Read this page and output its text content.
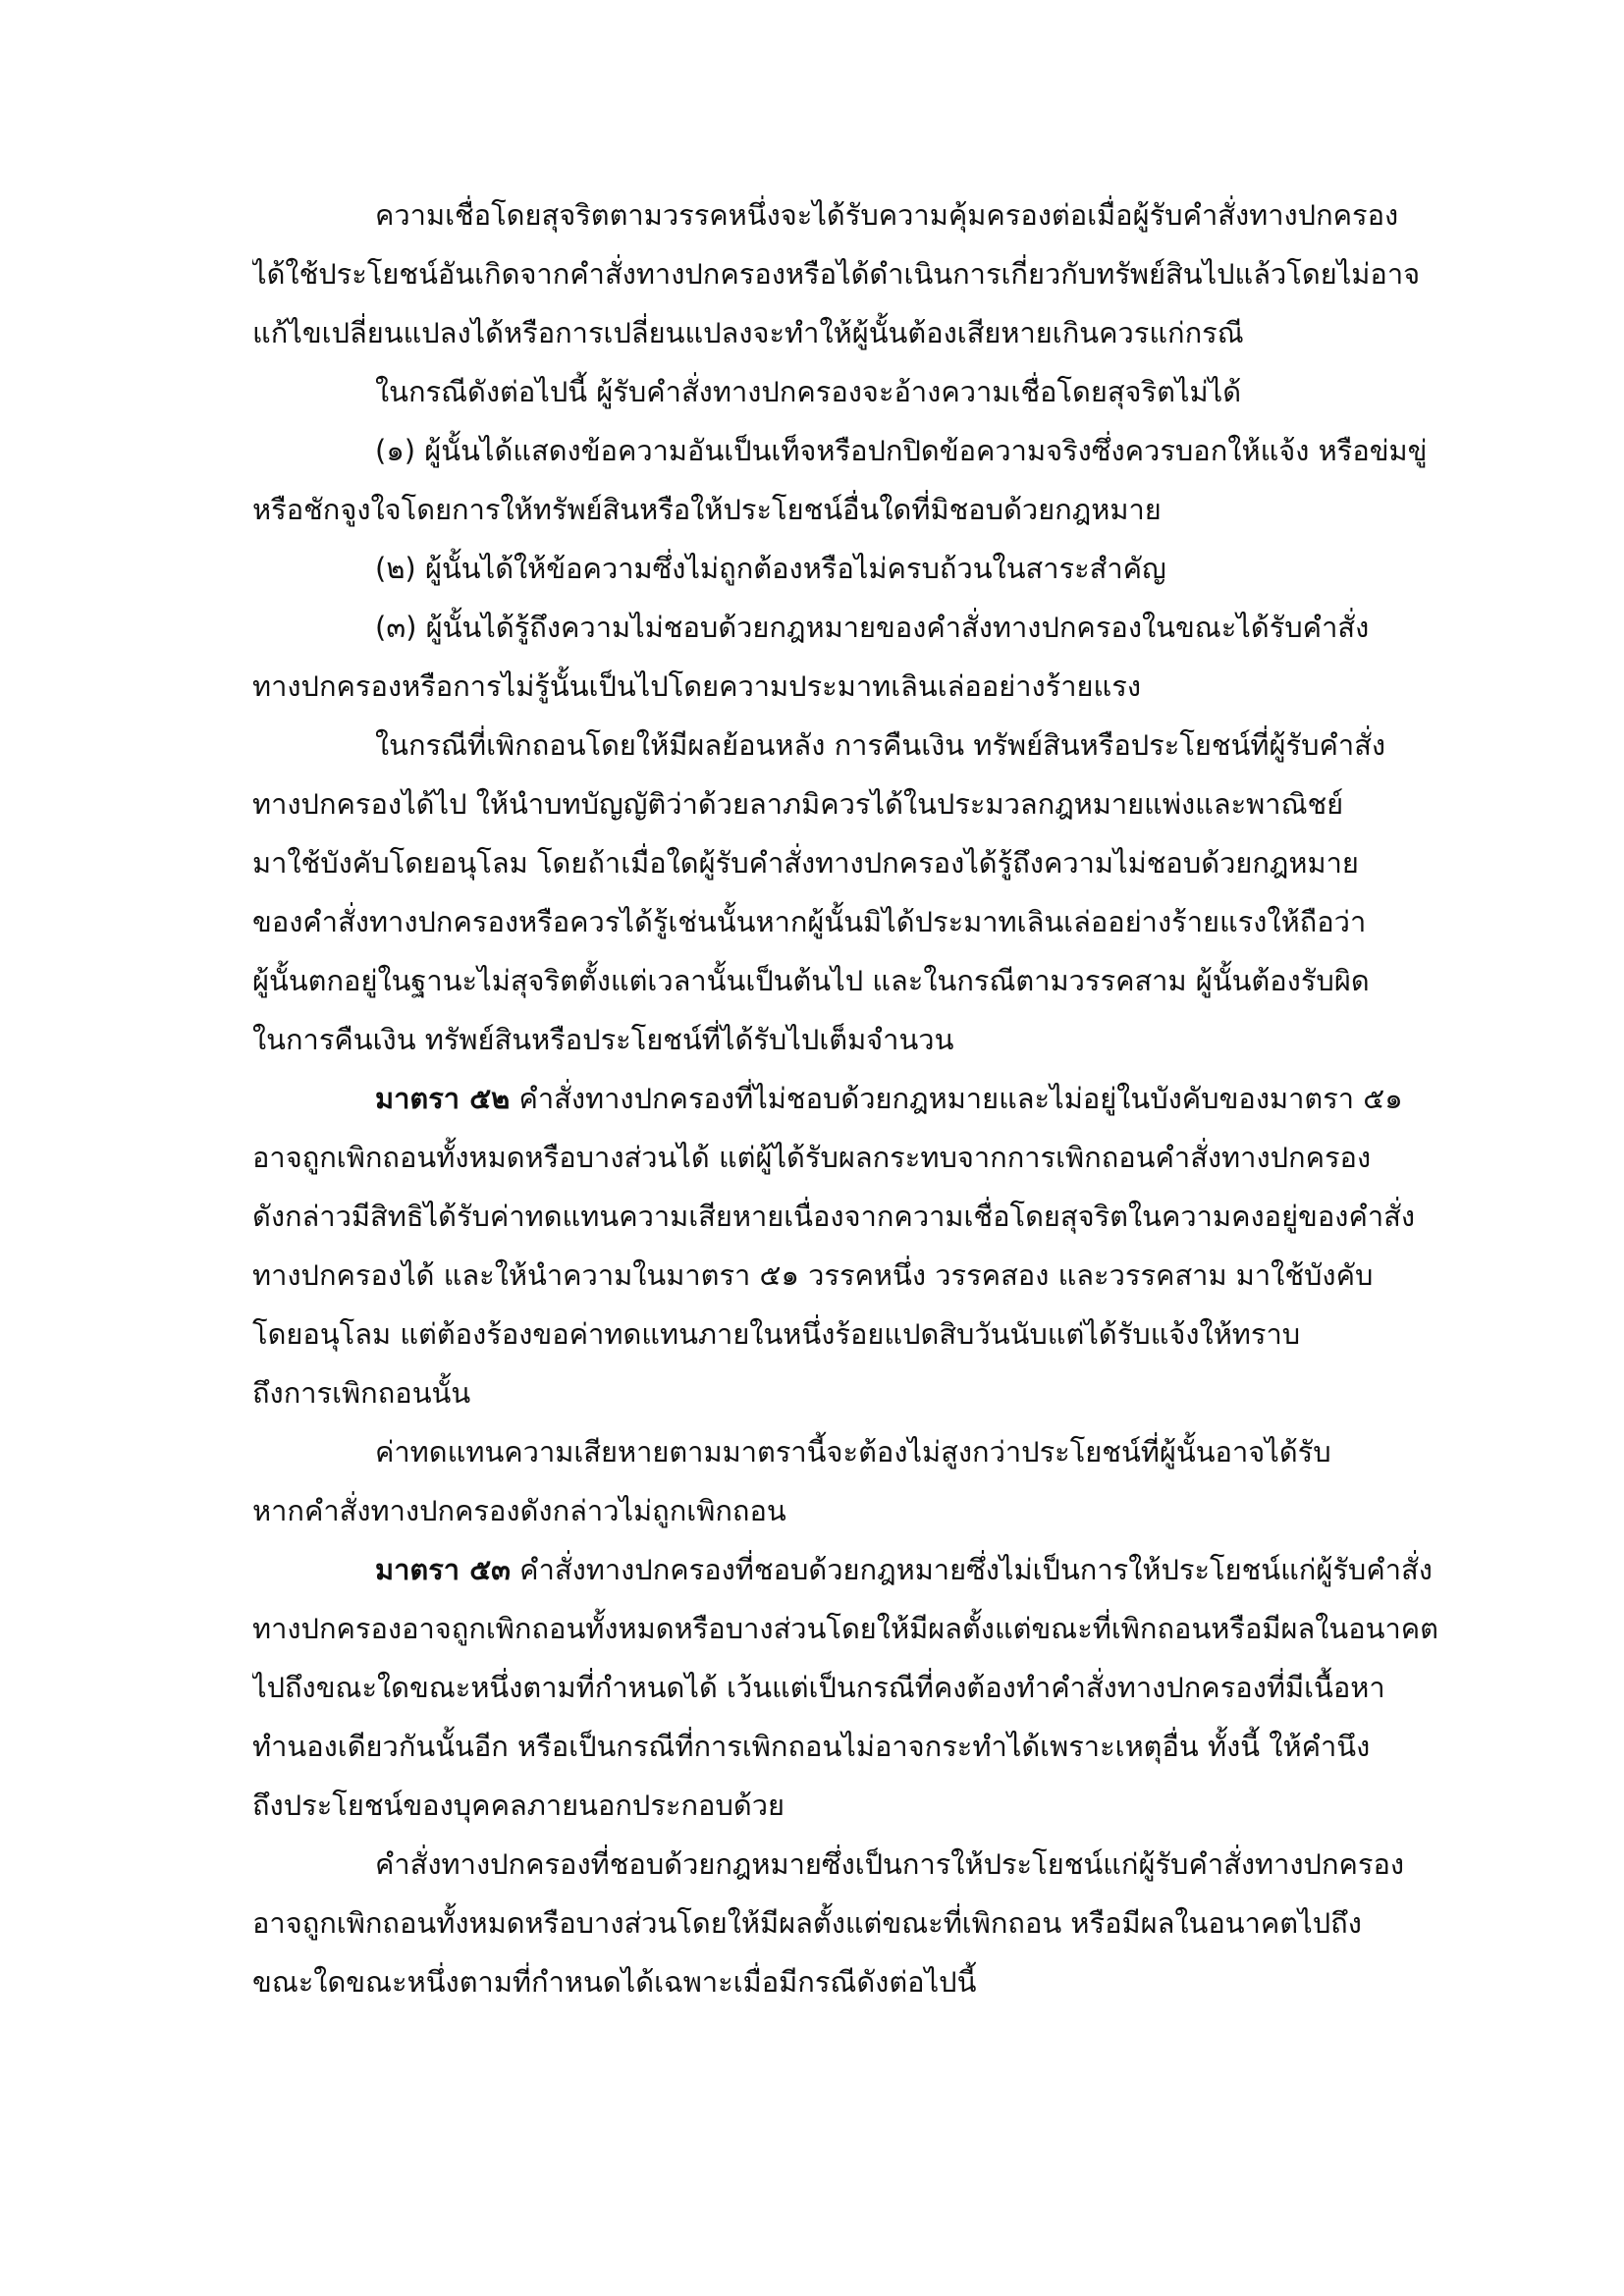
ความเชื่อโดยสุจริตตามวรรคหนึ่งจะได้รับความคุ้มครองต่อเมื่อผู้รับคำสั่งทางปกครอง
ได้ใช้ประโยชน์อันเกิดจากคำสั่งทางปกครองหรือได้ดำเนินการเกี่ยวกับทรัพย์สินไปแล้วโดยไม่อาจ
แก้ไขเปลี่ยนแปลงได้หรือการเปลี่ยนแปลงจะทำให้ผู้นั้นต้องเสียหายเกินควรแก่กรณี
ในกรณีดังต่อไปนี้ ผู้รับคำสั่งทางปกครองจะอ้างความเชื่อโดยสุจริตไม่ได้
(๑) ผู้นั้นได้แสดงข้อความอันเป็นเท็จหรือปกปิดข้อความจริงซึ่งควรบอกให้แจ้ง หรือข่มขู่
หรือชักจูงใจโดยการให้ทรัพย์สินหรือให้ประโยชน์อื่นใดที่มิชอบด้วยกฎหมาย
(๒) ผู้นั้นได้ให้ข้อความซึ่งไม่ถูกต้องหรือไม่ครบถ้วนในสาระสำคัญ
(๓) ผู้นั้นได้รู้ถึงความไม่ชอบด้วยกฎหมายของคำสั่งทางปกครองในขณะได้รับคำสั่ง
ทางปกครองหรือการไม่รู้นั้นเป็นไปโดยความประมาทเลินเล่ออย่างร้ายแรง
ในกรณีที่เพิกถอนโดยให้มีผลย้อนหลัง การคืนเงิน ทรัพย์สินหรือประโยชน์ที่ผู้รับคำสั่ง
ทางปกครองได้ไป ให้นำบทบัญญัติว่าด้วยลาภมิควรได้ในประมวลกฎหมายแพ่งและพาณิชย์
มาใช้บังคับโดยอนุโลม โดยถ้าเมื่อใดผู้รับคำสั่งทางปกครองได้รู้ถึงความไม่ชอบด้วยกฎหมาย
ของคำสั่งทางปกครองหรือควรได้รู้เช่นนั้นหากผู้นั้นมิได้ประมาทเลินเล่ออย่างร้ายแรงให้ถือว่า
ผู้นั้นตกอยู่ในฐานะไม่สุจริตตั้งแต่เวลานั้นเป็นต้นไป และในกรณีตามวรรคสาม ผู้นั้นต้องรับผิด
ในการคืนเงิน ทรัพย์สินหรือประโยชน์ที่ได้รับไปเต็มจำนวน
มาตรา ๕๒ คำสั่งทางปกครองที่ไม่ชอบด้วยกฎหมายและไม่อยู่ในบังคับของมาตรา ๕๑
อาจถูกเพิกถอนทั้งหมดหรือบางส่วนได้ แต่ผู้ได้รับผลกระทบจากการเพิกถอนคำสั่งทางปกครอง
ดังกล่าวมีสิทธิได้รับค่าทดแทนความเสียหายเนื่องจากความเชื่อโดยสุจริตในความคงอยู่ของคำสั่ง
ทางปกครองได้ และให้นำความในมาตรา ๕๑ วรรคหนึ่ง วรรคสอง และวรรคสาม มาใช้บังคับ
โดยอนุโลม แต่ต้องร้องขอค่าทดแทนภายในหนึ่งร้อยแปดสิบวันนับแต่ได้รับแจ้งให้ทราบ
ถึงการเพิกถอนนั้น
ค่าทดแทนความเสียหายตามมาตรานี้จะต้องไม่สูงกว่าประโยชน์ที่ผู้นั้นอาจได้รับ
หากคำสั่งทางปกครองดังกล่าวไม่ถูกเพิกถอน
มาตรา ๕๓ คำสั่งทางปกครองที่ชอบด้วยกฎหมายซึ่งไม่เป็นการให้ประโยชน์แก่ผู้รับคำสั่ง
ทางปกครองอาจถูกเพิกถอนทั้งหมดหรือบางส่วนโดยให้มีผลตั้งแต่ขณะที่เพิกถอนหรือมีผลในอนาคต
ไปถึงขณะใดขณะหนึ่งตามที่กำหนดได้ เว้นแต่เป็นกรณีที่คงต้องทำคำสั่งทางปกครองที่มีเนื้อหา
ทำนองเดียวกันนั้นอีก หรือเป็นกรณีที่การเพิกถอนไม่อาจกระทำได้เพราะเหตุอื่น ทั้งนี้ ให้คำนึง
ถึงประโยชน์ของบุคคลภายนอกประกอบด้วย
คำสั่งทางปกครองที่ชอบด้วยกฎหมายซึ่งเป็นการให้ประโยชน์แก่ผู้รับคำสั่งทางปกครอง
อาจถูกเพิกถอนทั้งหมดหรือบางส่วนโดยให้มีผลตั้งแต่ขณะที่เพิกถอน หรือมีผลในอนาคตไปถึง
ขณะใดขณะหนึ่งตามที่กำหนดได้เฉพาะเมื่อมีกรณีดังต่อไปนี้
